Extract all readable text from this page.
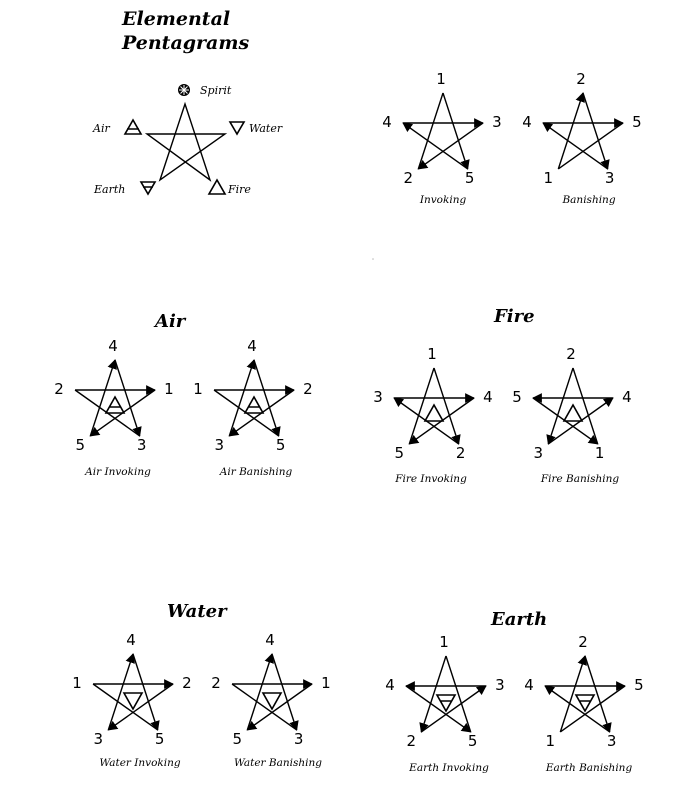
Elemental
Pentagrams
Spirit
Water
Air
Earth	Fire
Air	Fire
Water	Earth
1
3
5
2
4
Invoking
2
5
3
1
4
Banishing
4
1
3
5
2
Air Invoking
4
2
5
3
1
Air Banishing
1
4
2
5
3
Fire Invoking
2
4
1
3
5
Fire Banishing
4
2
5
3
1
Water Invoking
4
1
3
5
2
Water Banishing
1
3
5
2
4
Earth Invoking
2
5
3
1
4
Earth Banishing
